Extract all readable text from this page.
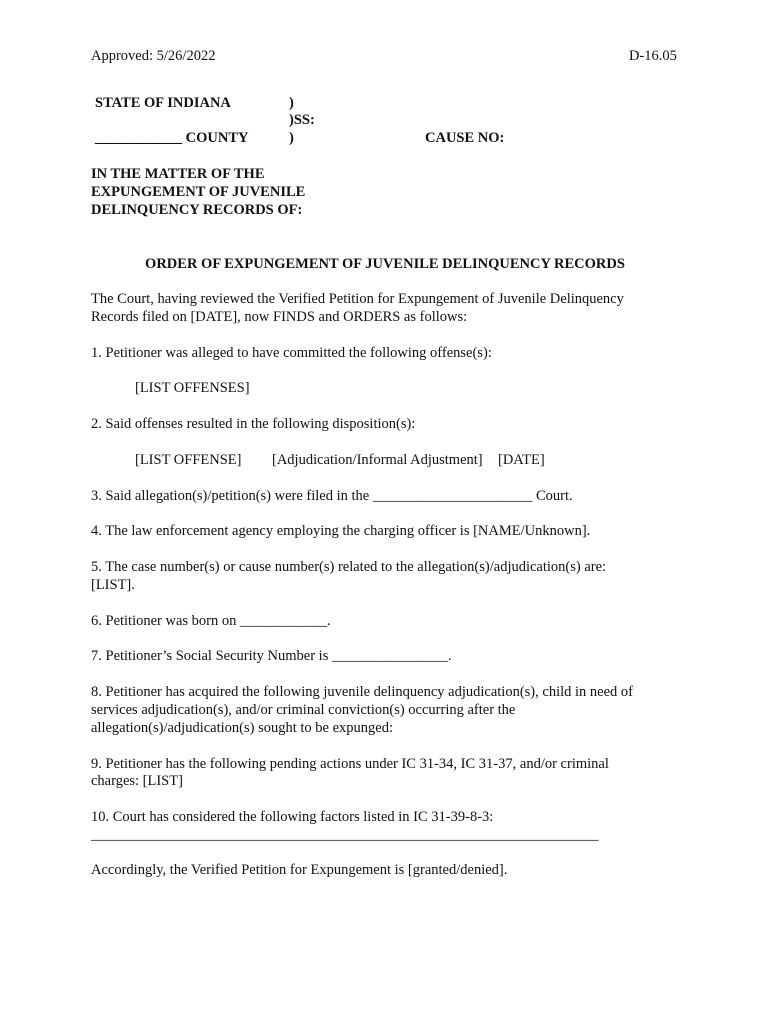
Approved: 5/26/2022	D-16.05
STATE OF INDIANA	)
)SS:
____________ COUNTY	)	CAUSE NO:
IN THE MATTER OF THE
EXPUNGEMENT OF JUVENILE
DELINQUENCY RECORDS OF:
ORDER OF EXPUNGEMENT OF JUVENILE DELINQUENCY RECORDS
The Court, having reviewed the Verified Petition for Expungement of Juvenile Delinquency
Records filed on [DATE], now FINDS and ORDERS as follows:
1. Petitioner was alleged to have committed the following offense(s):
[LIST OFFENSES]
2. Said offenses resulted in the following disposition(s):
[LIST OFFENSE] [Adjudication/Informal Adjustment] [DATE]
3. Said allegation(s)/petition(s) were filed in the ______________________ Court.
4. The law enforcement agency employing the charging officer is [NAME/Unknown].
5. The case number(s) or cause number(s) related to the allegation(s)/adjudication(s) are:
[LIST].
6. Petitioner was born on ____________.
7. Petitioner’s Social Security Number is ________________.
8. Petitioner has acquired the following juvenile delinquency adjudication(s), child in need of
services adjudication(s), and/or criminal conviction(s) occurring after the
allegation(s)/adjudication(s) sought to be expunged:
9. Petitioner has the following pending actions under IC 31-34, IC 31-37, and/or criminal
charges: [LIST]
10. Court has considered the following factors listed in IC 31-39-8-3:
______________________________________________________________________
Accordingly, the Verified Petition for Expungement is [granted/denied].
